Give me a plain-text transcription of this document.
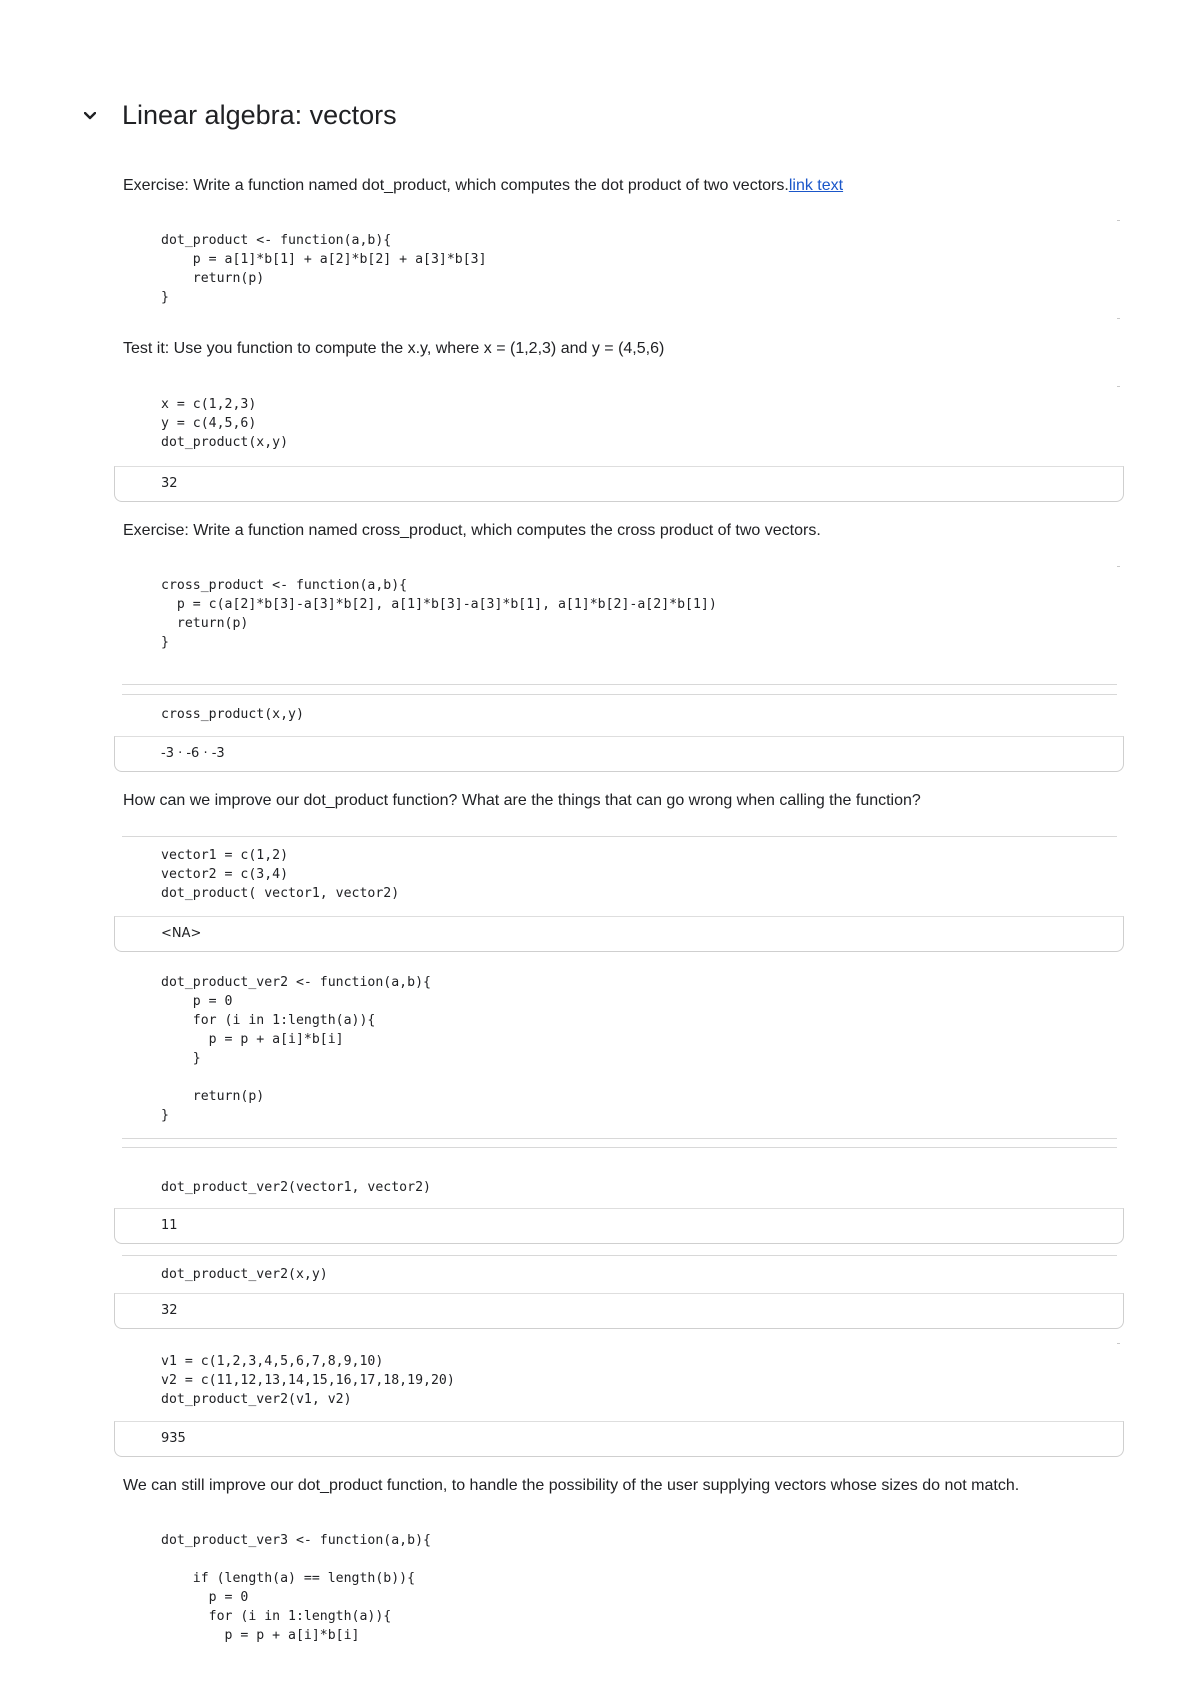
Linear algebra: vectors
Exercise: Write a function named dot_product, which computes the dot product of two vectors.link text
dot_product <- function(a,b){
p = a[1]*b[1] + a[2]*b[2] + a[3]*b[3]
return(p)
}
Test it: Use you function to compute the x.y, where x = (1,2,3) and y = (4,5,6)
x = c(1,2,3)
y = c(4,5,6)
dot_product(x,y)
32
Exercise: Write a function named cross_product, which computes the cross product of two vectors.
cross_product <- function(a,b){
p = c(a[2]*b[3]-a[3]*b[2], a[1]*b[3]-a[3]*b[1], a[1]*b[2]-a[2]*b[1])
return(p)
}
cross_product(x,y)
-3 · -6 · -3
How can we improve our dot_product function? What are the things that can go wrong when calling the function?
vector1 = c(1,2)
vector2 = c(3,4)
dot_product( vector1, vector2)
<NA>
dot_product_ver2 <- function(a,b){
p = 0
for (i in 1:length(a)){
p = p + a[i]*b[i]
}

return(p)
}
dot_product_ver2(vector1, vector2)
11
dot_product_ver2(x,y)
32
v1 = c(1,2,3,4,5,6,7,8,9,10)
v2 = c(11,12,13,14,15,16,17,18,19,20)
dot_product_ver2(v1, v2)
935
We can still improve our dot_product function, to handle the possibility of the user supplying vectors whose sizes do not match.
dot_product_ver3 <- function(a,b){

if (length(a) == length(b)){
p = 0
for (i in 1:length(a)){
p = p + a[i]*b[i]
